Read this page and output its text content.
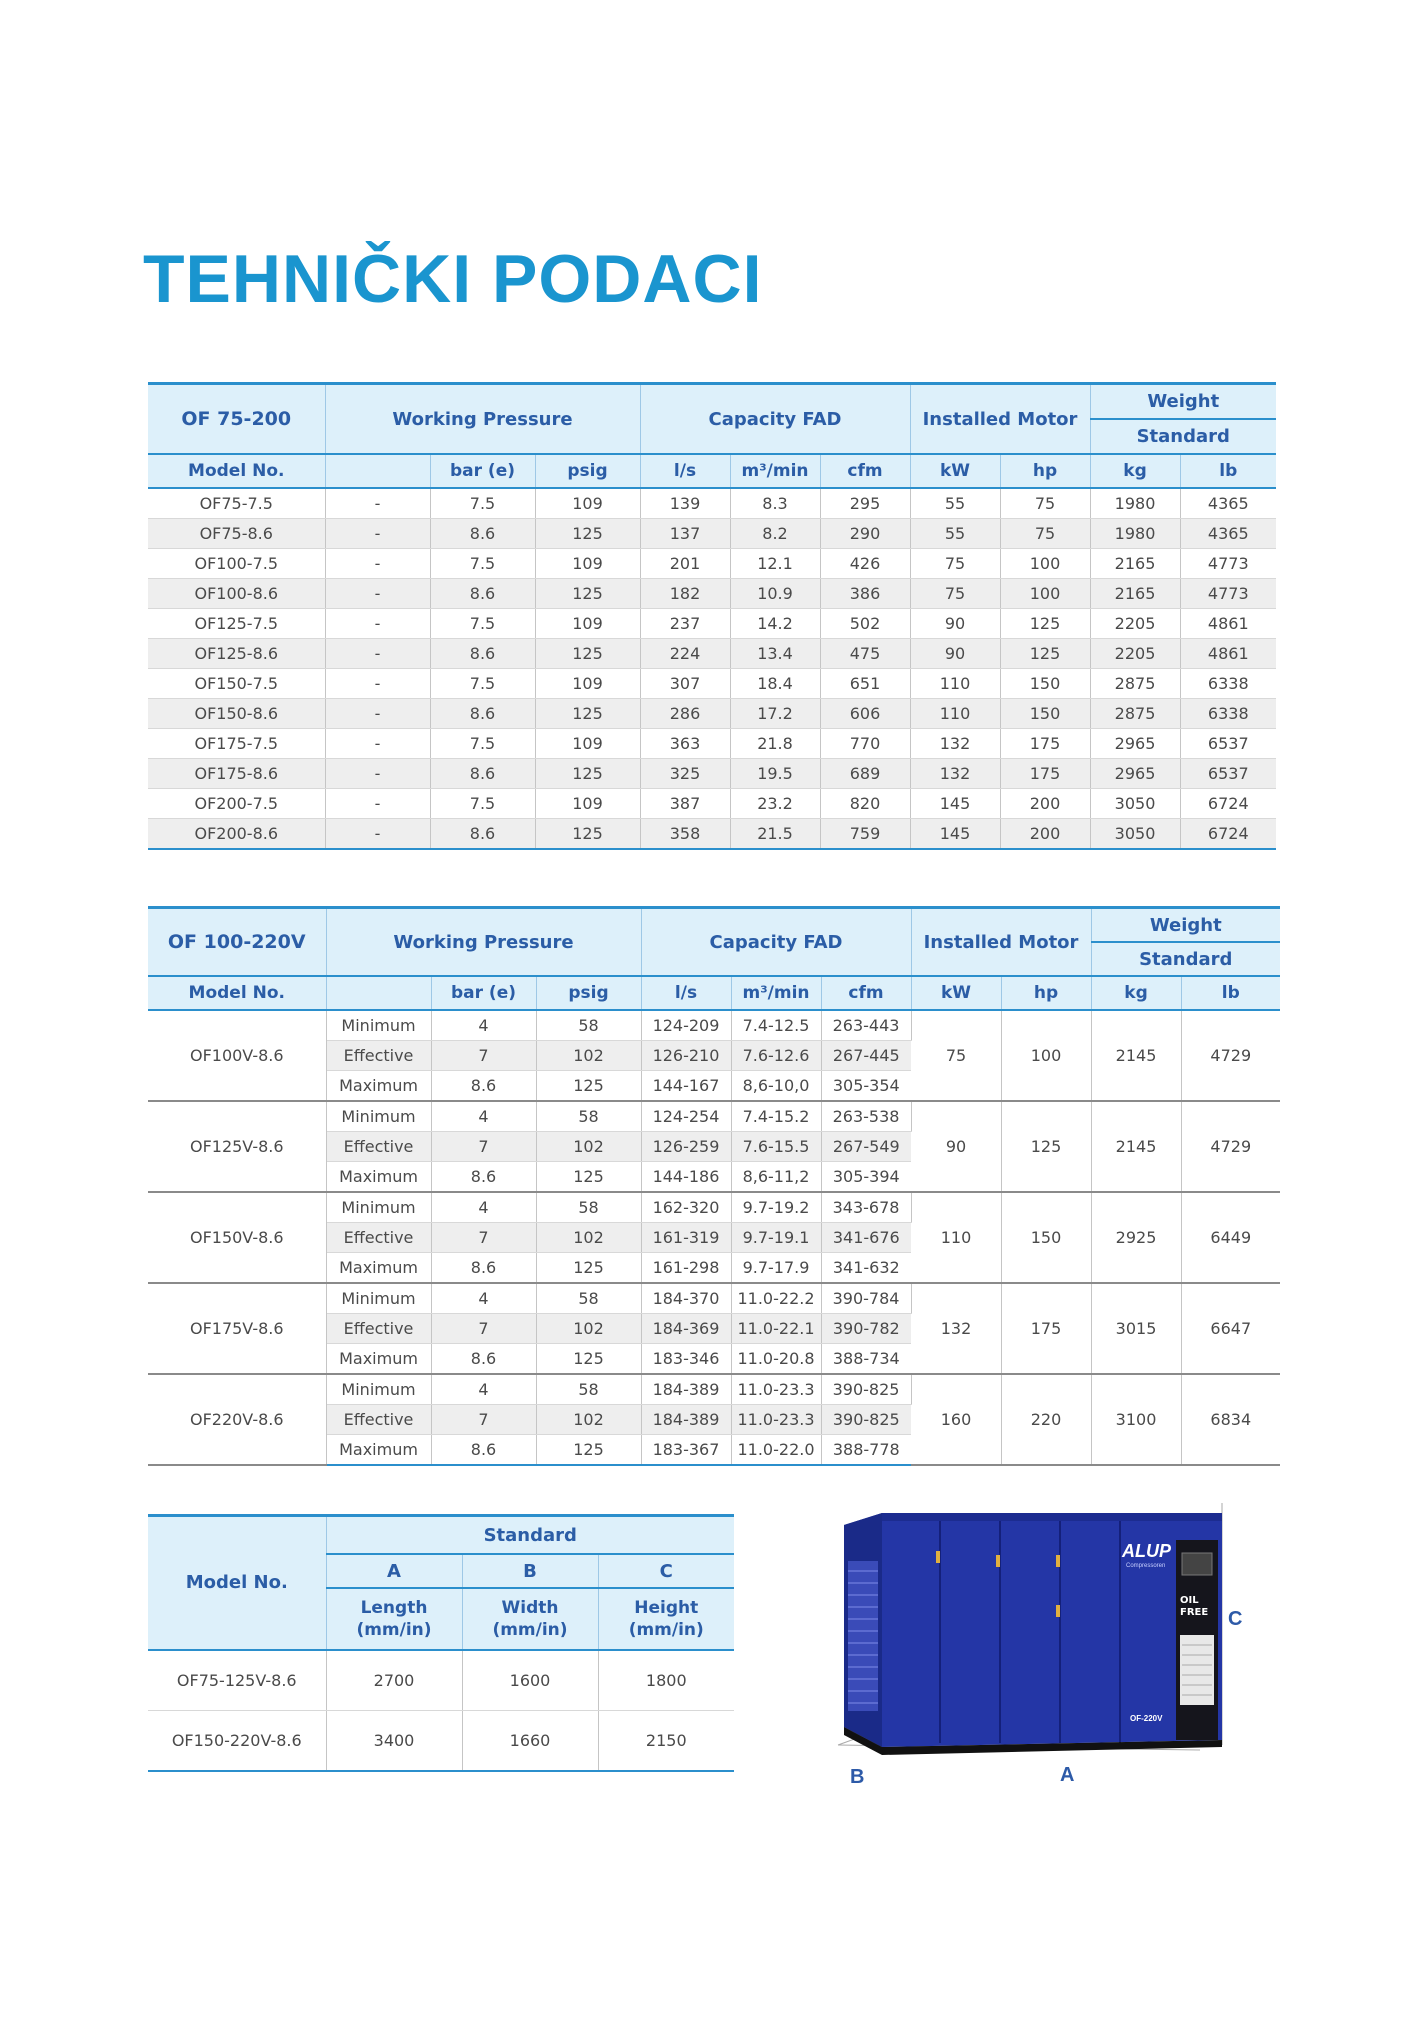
TEHNIČKI PODACI
OF 75-200	Working Pressure			Capacity FAD			Installed Motor		Weight	
									Standard	
Model No.		bar (e)	psig	l/s	m³/min	cfm	kW	hp	kg	lb
OF75-7.5	-	7.5	109	139	8.3	295	55	75	1980	4365
OF75-8.6	-	8.6	125	137	8.2	290	55	75	1980	4365
OF100-7.5	-	7.5	109	201	12.1	426	75	100	2165	4773
OF100-8.6	-	8.6	125	182	10.9	386	75	100	2165	4773
OF125-7.5	-	7.5	109	237	14.2	502	90	125	2205	4861
OF125-8.6	-	8.6	125	224	13.4	475	90	125	2205	4861
OF150-7.5	-	7.5	109	307	18.4	651	110	150	2875	6338
OF150-8.6	-	8.6	125	286	17.2	606	110	150	2875	6338
OF175-7.5	-	7.5	109	363	21.8	770	132	175	2965	6537
OF175-8.6	-	8.6	125	325	19.5	689	132	175	2965	6537
OF200-7.5	-	7.5	109	387	23.2	820	145	200	3050	6724
OF200-8.6	-	8.6	125	358	21.5	759	145	200	3050	6724
OF 100-220V	Working Pressure			Capacity FAD			Installed Motor		Weight	
									Standard	
Model No.		bar (e)	psig	l/s	m³/min	cfm	kW	hp	kg	lb
OF100V-8.6	Minimum	4	58	124-209	7.4-12.5	263-443	75	100	2145	4729
	Effective	7	102	126-210	7.6-12.6	267-445				
	Maximum	8.6	125	144-167	8,6-10,0	305-354				
OF125V-8.6	Minimum	4	58	124-254	7.4-15.2	263-538	90	125	2145	4729
	Effective	7	102	126-259	7.6-15.5	267-549				
	Maximum	8.6	125	144-186	8,6-11,2	305-394				
OF150V-8.6	Minimum	4	58	162-320	9.7-19.2	343-678	110	150	2925	6449
	Effective	7	102	161-319	9.7-19.1	341-676				
	Maximum	8.6	125	161-298	9.7-17.9	341-632				
OF175V-8.6	Minimum	4	58	184-370	11.0-22.2	390-784	132	175	3015	6647
	Effective	7	102	184-369	11.0-22.1	390-782				
	Maximum	8.6	125	183-346	11.0-20.8	388-734				
OF220V-8.6	Minimum	4	58	184-389	11.0-23.3	390-825	160	220	3100	6834
	Effective	7	102	184-389	11.0-23.3	390-825				
	Maximum	8.6	125	183-367	11.0-22.0	388-778				
Model No.	Standard		
	A	B	C
	Length (mm/in)	Width (mm/in)	Height (mm/in)
OF75-125V-8.6	2700	1600	1800
OF150-220V-8.6	3400	1660	2150
OIL
FREE
ALUP
Compressoren
OF-220V
A
B
C
